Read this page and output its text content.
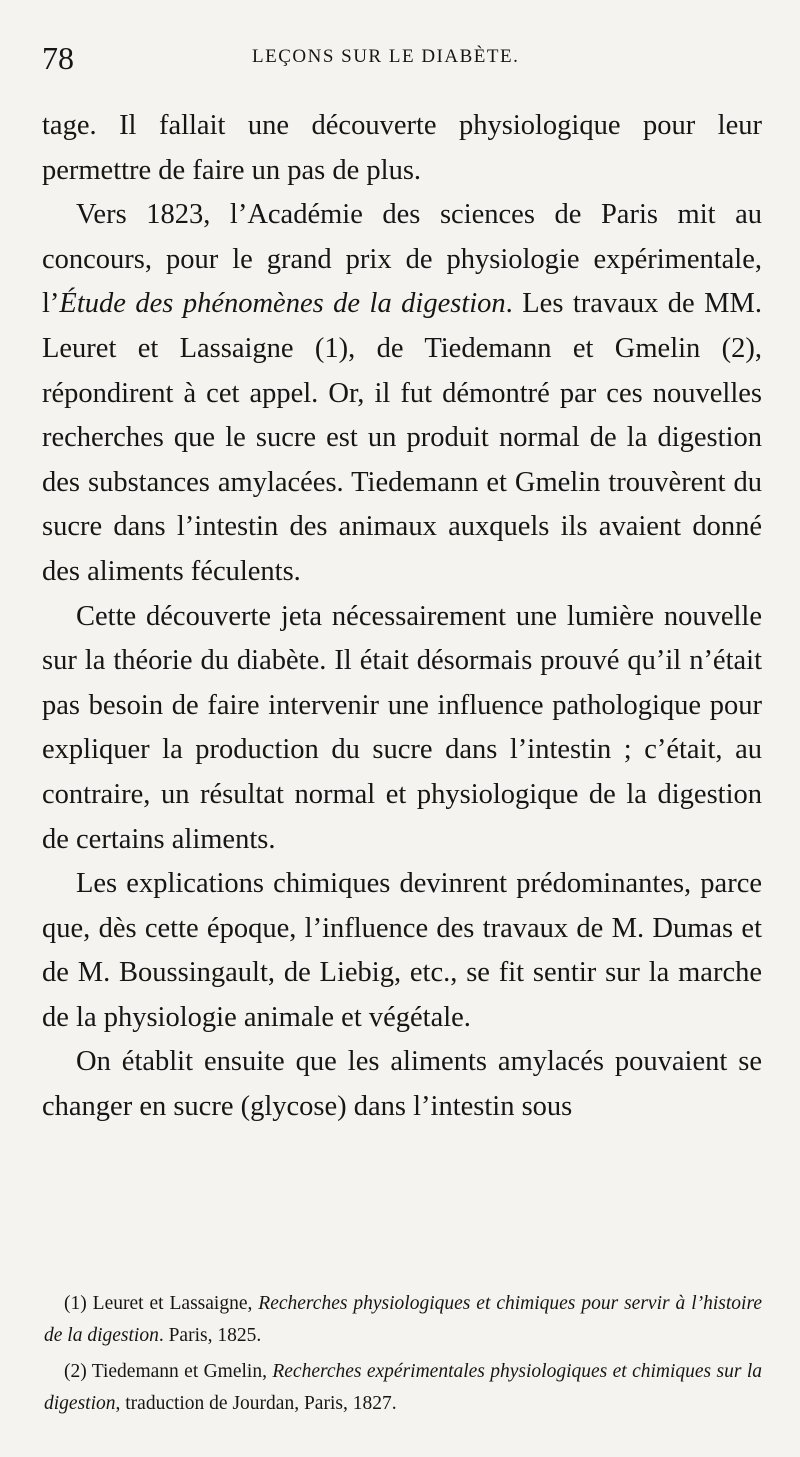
78	LEÇONS SUR LE DIABÈTE.

tage. Il fallait une découverte physiologique pour leur permettre de faire un pas de plus.

Vers 1823, l’Académie des sciences de Paris mit au concours, pour le grand prix de physiologie expérimentale, l’Étude des phénomènes de la digestion. Les travaux de MM. Leuret et Lassaigne (1), de Tiedemann et Gmelin (2), répondirent à cet appel. Or, il fut démontré par ces nouvelles recherches que le sucre est un produit normal de la digestion des substances amylacées. Tiedemann et Gmelin trouvèrent du sucre dans l’intestin des animaux auxquels ils avaient donné des aliments féculents.

Cette découverte jeta nécessairement une lumière nouvelle sur la théorie du diabète. Il était désormais prouvé qu’il n’était pas besoin de faire intervenir une influence pathologique pour expliquer la production du sucre dans l’intestin ; c’était, au contraire, un résultat normal et physiologique de la digestion de certains aliments.

Les explications chimiques devinrent prédominantes, parce que, dès cette époque, l’influence des travaux de M. Dumas et de M. Boussingault, de Liebig, etc., se fit sentir sur la marche de la physiologie animale et végétale.

On établit ensuite que les aliments amylacés pouvaient se changer en sucre (glycose) dans l’intestin sous

(1) Leuret et Lassaigne, Recherches physiologiques et chimiques pour servir à l’histoire de la digestion. Paris, 1825.

(2) Tiedemann et Gmelin, Recherches expérimentales physiologiques et chimiques sur la digestion, traduction de Jourdan, Paris, 1827.
